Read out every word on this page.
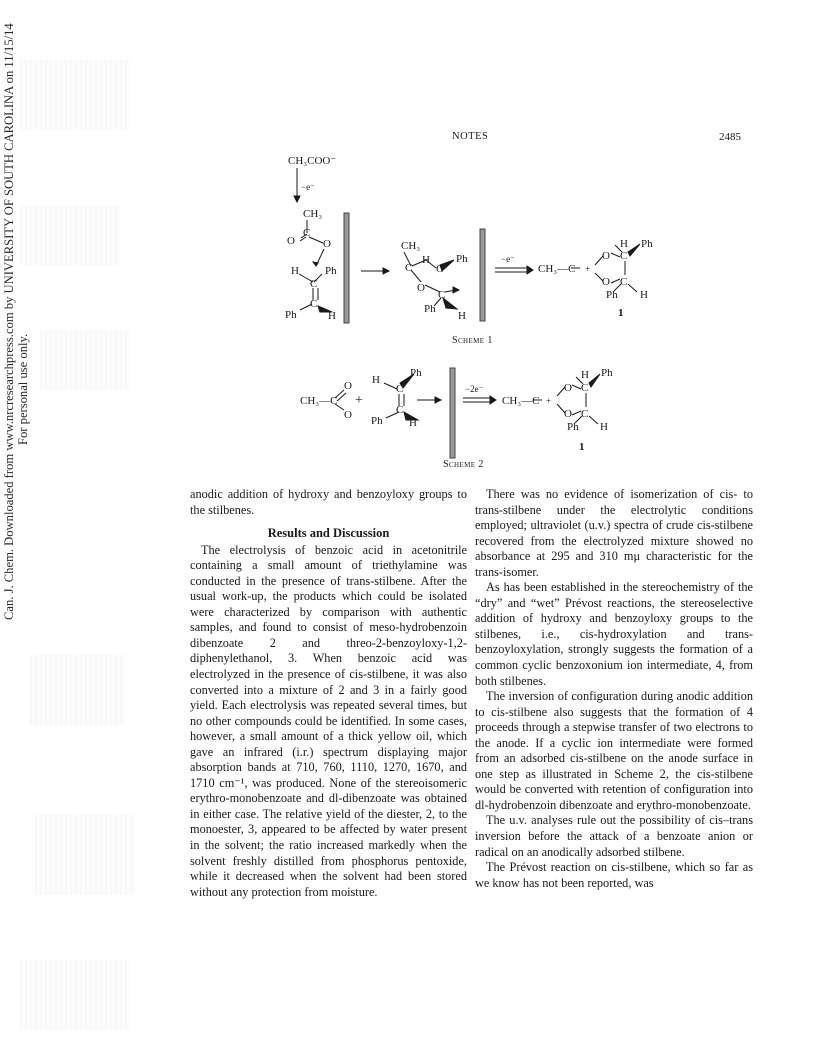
Can. J. Chem. Downloaded from www.nrcresearchpress.com by UNIVERSITY OF SOUTH CAROLINA on 11/15/14 For personal use only.
NOTES	2485
CH₃COO⁻
−e⁻
CH₃
O
C
O
H Ph
C
C
Ph	H
CH₃
C
H
C
Ph
O
C
Ph
H
−e⁻
CH₃—C +
H Ph
O C
O C
Ph H
1
Scheme 1
CH₃—C
O
O
+
H
C
Ph
C
Ph H
−2e⁻
CH₃—C +
H Ph
O C
O C
Ph H
1
Scheme 2

anodic addition of hydroxy and benzoyloxy groups to the stilbenes.

Results and Discussion

The electrolysis of benzoic acid in acetonitrile containing a small amount of triethylamine was conducted in the presence of trans-stilbene. After the usual work-up, the products which could be isolated were characterized by comparison with authentic samples, and found to consist of meso-hydrobenzoin dibenzoate 2 and threo-2-benzoyloxy-1,2-diphenylethanol, 3. When benzoic acid was electrolyzed in the presence of cis-stilbene, it was also converted into a mixture of 2 and 3 in a fairly good yield. Each electrolysis was repeated several times, but no other compounds could be identified. In some cases, however, a small amount of a thick yellow oil, which gave an infrared (i.r.) spectrum displaying major absorption bands at 710, 760, 1110, 1270, 1670, and 1710 cm⁻¹, was produced. None of the stereoisomeric erythro-monobenzoate and dl-dibenzoate was obtained in either case. The relative yield of the diester, 2, to the monoester, 3, appeared to be affected by water present in the solvent; the ratio increased markedly when the solvent freshly distilled from phosphorus pentoxide, while it decreased when the solvent had been stored without any protection from moisture.

There was no evidence of isomerization of cis- to trans-stilbene under the electrolytic conditions employed; ultraviolet (u.v.) spectra of crude cis-stilbene recovered from the electrolyzed mixture showed no absorbance at 295 and 310 mμ characteristic for the trans-isomer.

As has been established in the stereochemistry of the “dry” and “wet” Prévost reactions, the stereoselective addition of hydroxy and benzoyloxy groups to the stilbenes, i.e., cis-hydroxylation and trans-benzoyloxylation, strongly suggests the formation of a common cyclic benzoxonium ion intermediate, 4, from both stilbenes.

The inversion of configuration during anodic addition to cis-stilbene also suggests that the formation of 4 proceeds through a stepwise transfer of two electrons to the anode. If a cyclic ion intermediate were formed from an adsorbed cis-stilbene on the anode surface in one step as illustrated in Scheme 2, the cis-stilbene would be converted with retention of configuration into dl-hydrobenzoin dibenzoate and erythro-monobenzoate.

The u.v. analyses rule out the possibility of cis–trans inversion before the attack of a benzoate anion or radical on an anodically adsorbed stilbene.

The Prévost reaction on cis-stilbene, which so far as we know has not been reported, was
